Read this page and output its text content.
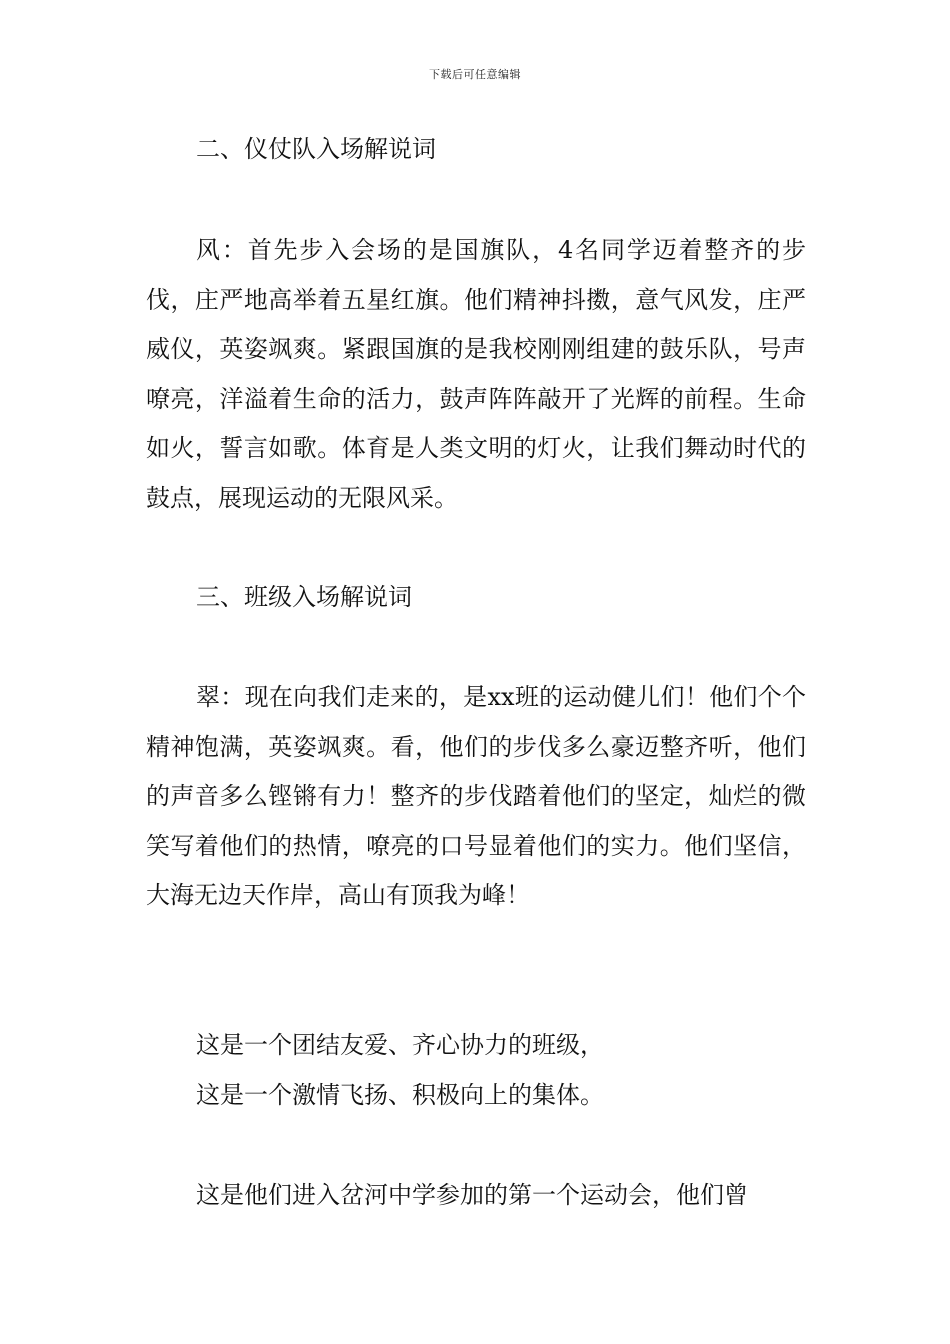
下载后可任意编辑
二、仪仗队入场解说词

风：首先步入会场的是国旗队，4名同学迈着整齐的步伐，庄严地高举着五星红旗。他们精神抖擞，意气风发，庄严威仪，英姿飒爽。紧跟国旗的是我校刚刚组建的鼓乐队，号声嘹亮，洋溢着生命的活力，鼓声阵阵敲开了光辉的前程。生命如火，誓言如歌。体育是人类文明的灯火，让我们舞动时代的鼓点，展现运动的无限风采。

三、班级入场解说词

翠：现在向我们走来的，是xx班的运动健儿们！他们个个精神饱满，英姿飒爽。看，他们的步伐多么豪迈整齐听，他们的声音多么铿锵有力！整齐的步伐踏着他们的坚定，灿烂的微笑写着他们的热情，嘹亮的口号显着他们的实力。他们坚信，大海无边天作岸，高山有顶我为峰！

这是一个团结友爱、齐心协力的班级，

这是一个激情飞扬、积极向上的集体。

这是他们进入岔河中学参加的第一个运动会，他们曾
